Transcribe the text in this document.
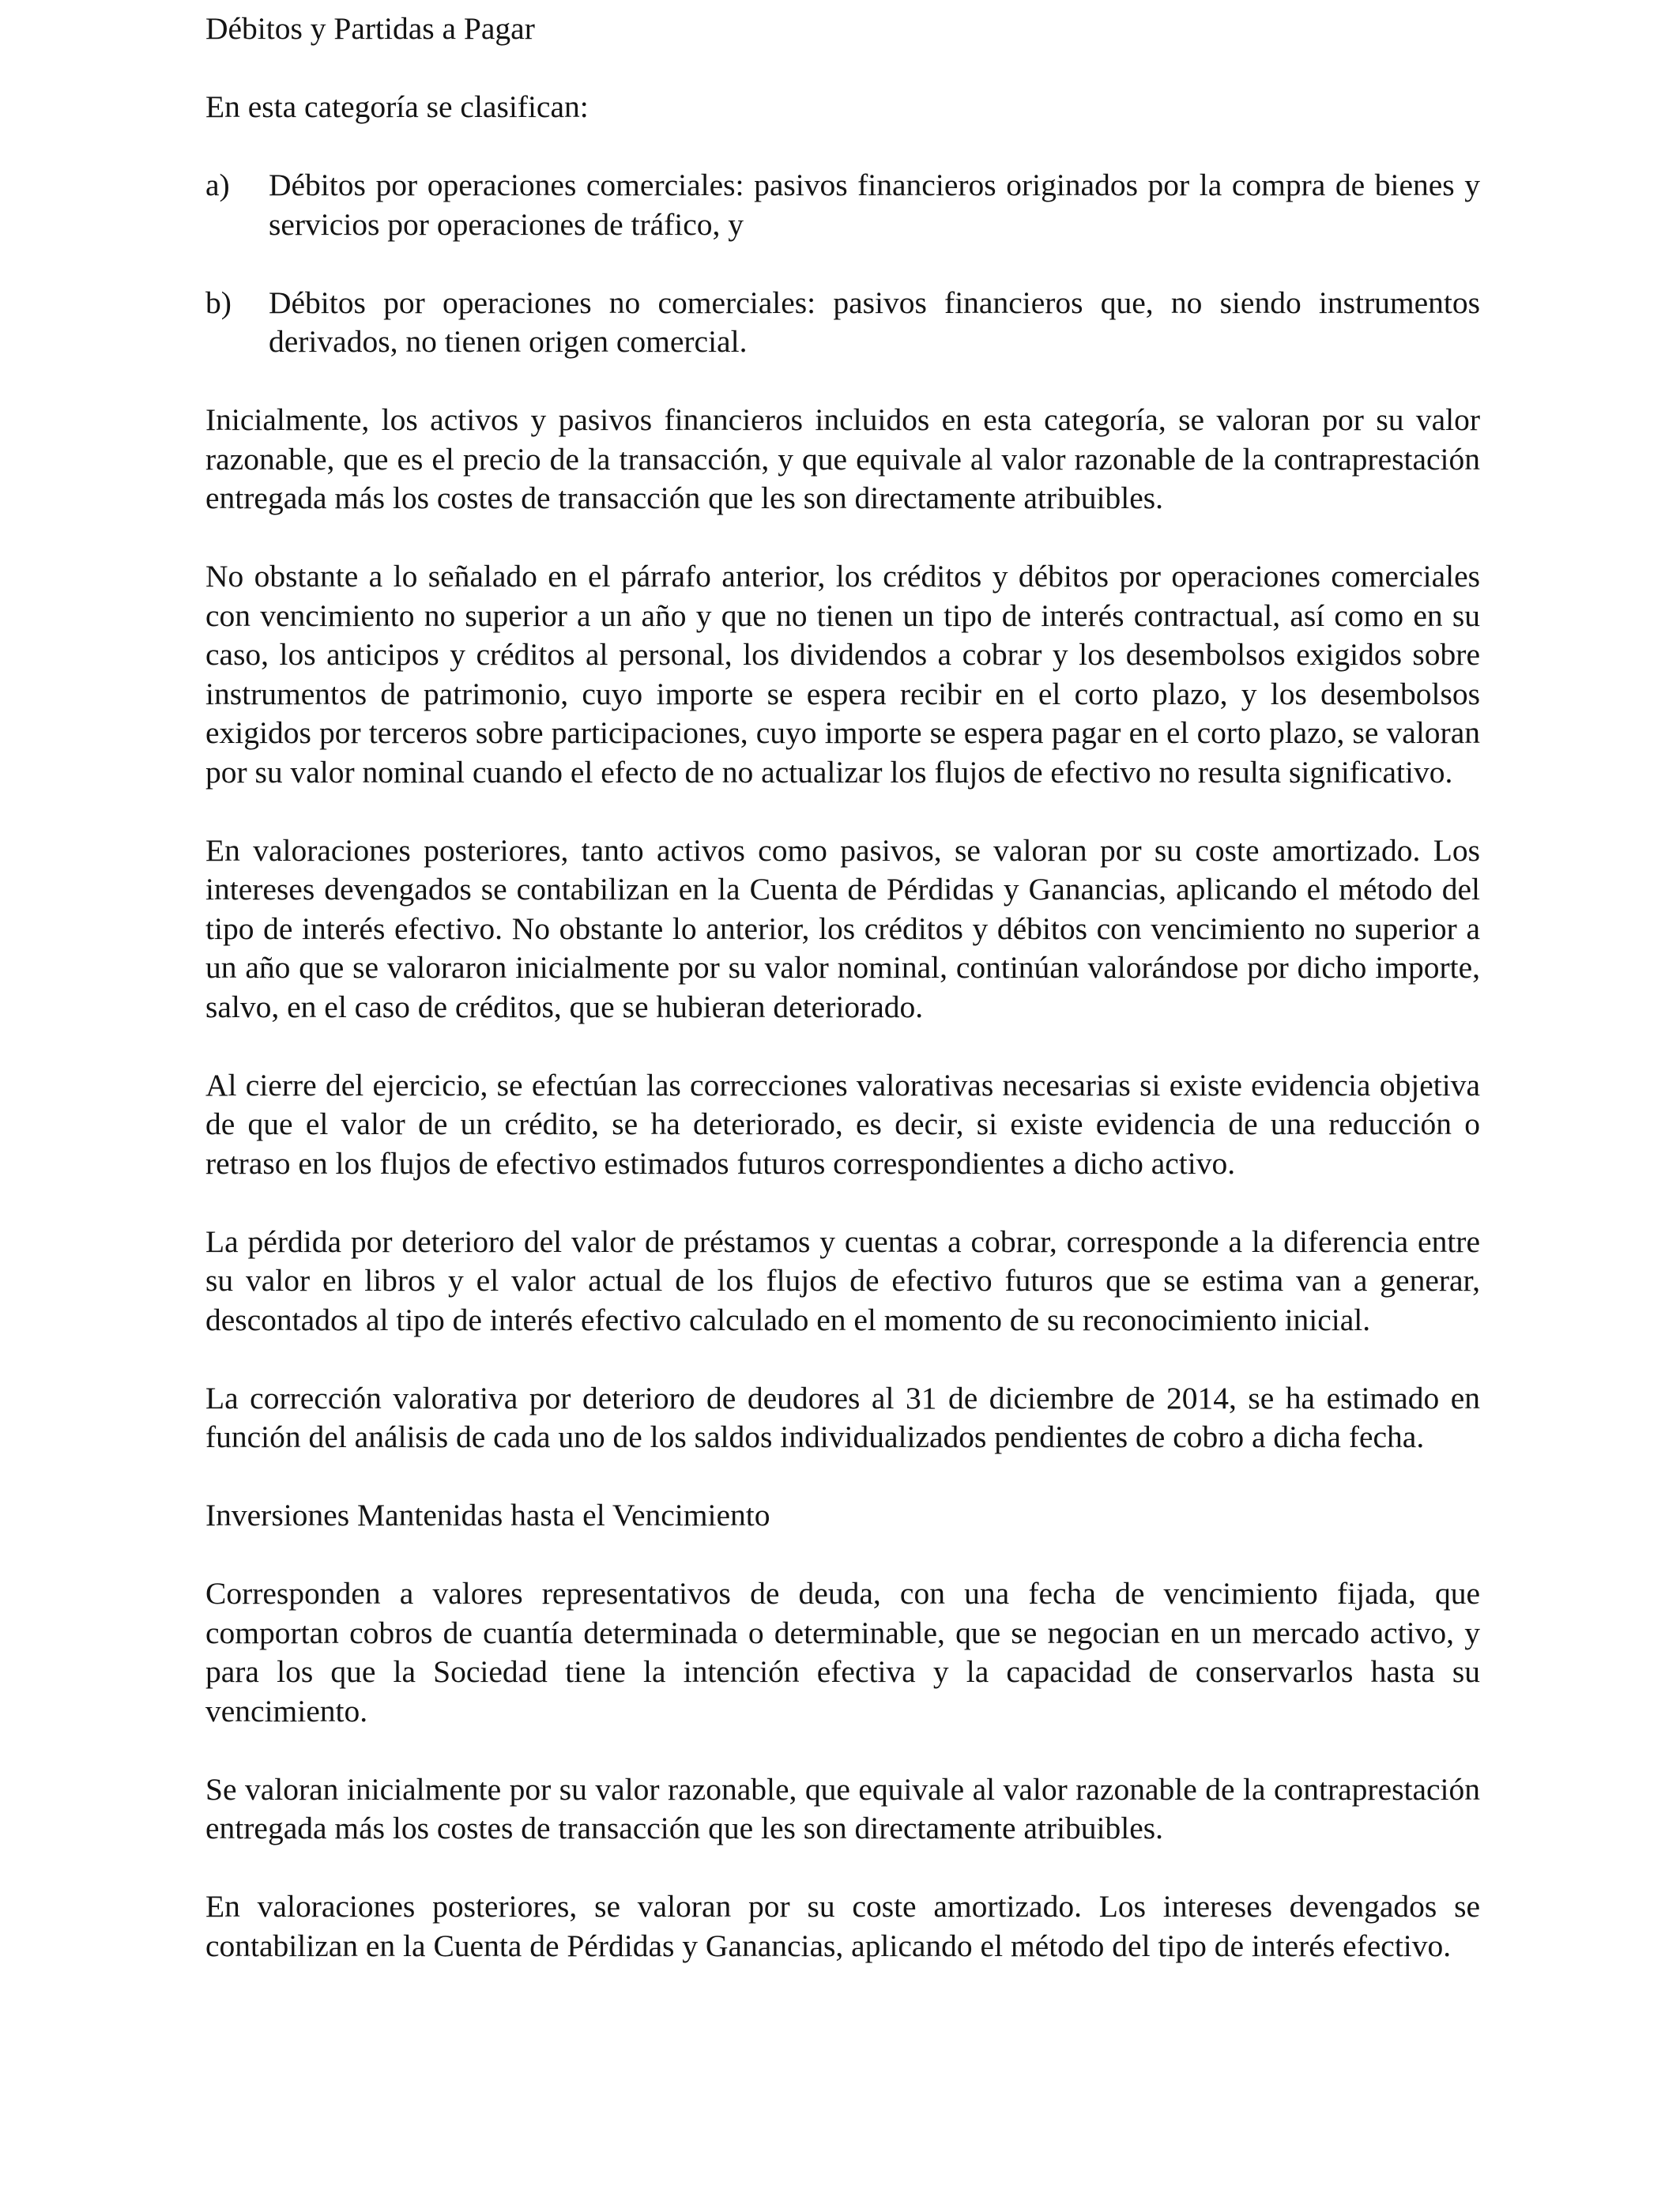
Débitos y Partidas a Pagar

En esta categoría se clasifican:

a) Débitos por operaciones comerciales: pasivos financieros originados por la compra de bienes y servicios por operaciones de tráfico, y
b) Débitos por operaciones no comerciales: pasivos financieros que, no siendo instrumentos derivados, no tienen origen comercial.

Inicialmente, los activos y pasivos financieros incluidos en esta categoría, se valoran por su valor razonable, que es el precio de la transacción, y que equivale al valor razonable de la contraprestación entregada más los costes de transacción que les son directamente atribuibles.

No obstante a lo señalado en el párrafo anterior, los créditos y débitos por operaciones comerciales con vencimiento no superior a un año y que no tienen un tipo de interés contractual, así como en su caso, los anticipos y créditos al personal, los dividendos a cobrar y los desembolsos exigidos sobre instrumentos de patrimonio, cuyo importe se espera recibir en el corto plazo, y los desembolsos exigidos por terceros sobre participaciones, cuyo importe se espera pagar en el corto plazo, se valoran por su valor nominal cuando el efecto de no actualizar los flujos de efectivo no resulta significativo.

En valoraciones posteriores, tanto activos como pasivos, se valoran por su coste amortizado. Los intereses devengados se contabilizan en la Cuenta de Pérdidas y Ganancias, aplicando el método del tipo de interés efectivo. No obstante lo anterior, los créditos y débitos con vencimiento no superior a un año que se valoraron inicialmente por su valor nominal, continúan valorándose por dicho importe, salvo, en el caso de créditos, que se hubieran deteriorado.

Al cierre del ejercicio, se efectúan las correcciones valorativas necesarias si existe evidencia objetiva de que el valor de un crédito, se ha deteriorado, es decir, si existe evidencia de una reducción o retraso en los flujos de efectivo estimados futuros correspondientes a dicho activo.

La pérdida por deterioro del valor de préstamos y cuentas a cobrar, corresponde a la diferencia entre su valor en libros y el valor actual de los flujos de efectivo futuros que se estima van a generar, descontados al tipo de interés efectivo calculado en el momento de su reconocimiento inicial.

La corrección valorativa por deterioro de deudores al 31 de diciembre de 2014, se ha estimado en función del análisis de cada uno de los saldos individualizados pendientes de cobro a dicha fecha.

Inversiones Mantenidas hasta el Vencimiento

Corresponden a valores representativos de deuda, con una fecha de vencimiento fijada, que comportan cobros de cuantía determinada o determinable, que se negocian en un mercado activo, y para los que la Sociedad tiene la intención efectiva y la capacidad de conservarlos hasta su vencimiento.

Se valoran inicialmente por su valor razonable, que equivale al valor razonable de la contraprestación entregada más los costes de transacción que les son directamente atribuibles.

En valoraciones posteriores, se valoran por su coste amortizado. Los intereses devengados se contabilizan en la Cuenta de Pérdidas y Ganancias, aplicando el método del tipo de interés efectivo.
